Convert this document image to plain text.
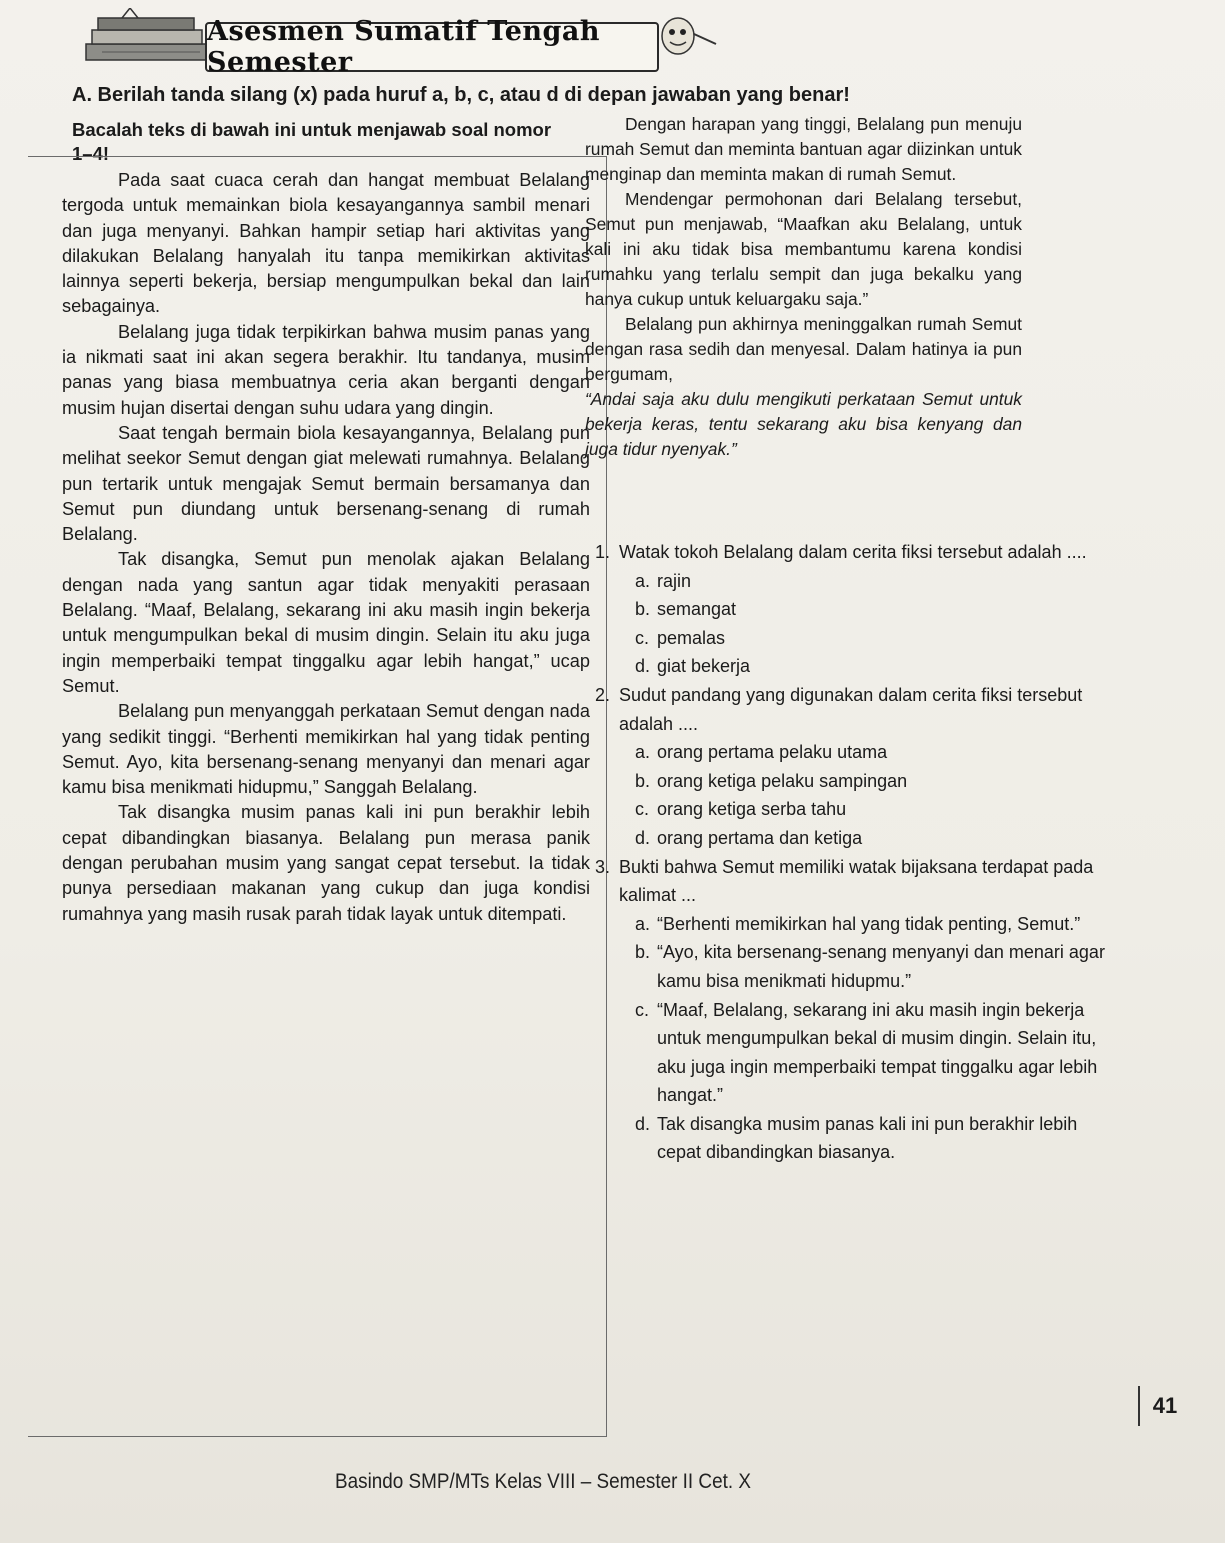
Asesmen Sumatif Tengah Semester
A. Berilah tanda silang (x) pada huruf a, b, c, atau d di depan jawaban yang benar!
Bacalah teks di bawah ini untuk menjawab soal nomor 1–4!

Pada saat cuaca cerah dan hangat membuat Belalang tergoda untuk memainkan biola kesayangannya sambil menari dan juga menyanyi. Bahkan hampir setiap hari aktivitas yang dilakukan Belalang hanyalah itu tanpa memikirkan aktivitas lainnya seperti bekerja, bersiap mengumpulkan bekal dan lain sebagainya.

Belalang juga tidak terpikirkan bahwa musim panas yang ia nikmati saat ini akan segera berakhir. Itu tandanya, musim panas yang biasa membuatnya ceria akan berganti dengan musim hujan disertai dengan suhu udara yang dingin.

Saat tengah bermain biola kesayangannya, Belalang pun melihat seekor Semut dengan giat melewati rumahnya. Belalang pun tertarik untuk mengajak Semut bermain bersamanya dan Semut pun diundang untuk bersenang-senang di rumah Belalang.

Tak disangka, Semut pun menolak ajakan Belalang dengan nada yang santun agar tidak menyakiti perasaan Belalang. “Maaf, Belalang, sekarang ini aku masih ingin bekerja untuk mengumpulkan bekal di musim dingin. Selain itu aku juga ingin memperbaiki tempat tinggalku agar lebih hangat,” ucap Semut.

Belalang pun menyanggah perkataan Semut dengan nada yang sedikit tinggi. “Berhenti memikirkan hal yang tidak penting Semut. Ayo, kita bersenang-senang menyanyi dan menari agar kamu bisa menikmati hidupmu,” Sanggah Belalang.

Tak disangka musim panas kali ini pun berakhir lebih cepat dibandingkan biasanya. Belalang pun merasa panik dengan perubahan musim yang sangat cepat tersebut. Ia tidak punya persediaan makanan yang cukup dan juga kondisi rumahnya yang masih rusak parah tidak layak untuk ditempati.

Dengan harapan yang tinggi, Belalang pun menuju rumah Semut dan meminta bantuan agar diizinkan untuk menginap dan meminta makan di rumah Semut.

Mendengar permohonan dari Belalang tersebut, Semut pun menjawab, “Maafkan aku Belalang, untuk kali ini aku tidak bisa membantumu karena kondisi rumahku yang terlalu sempit dan juga bekalku yang hanya cukup untuk keluargaku saja.”

Belalang pun akhirnya meninggalkan rumah Semut dengan rasa sedih dan menyesal. Dalam hatinya ia pun bergumam,

“Andai saja aku dulu mengikuti perkataan Semut untuk bekerja keras, tentu sekarang aku bisa kenyang dan juga tidur nyenyak.”

1. Watak tokoh Belalang dalam cerita fiksi tersebut adalah ....
a. rajin
b. semangat
c. pemalas
d. giat bekerja
2. Sudut pandang yang digunakan dalam cerita fiksi tersebut adalah ....
a. orang pertama pelaku utama
b. orang ketiga pelaku sampingan
c. orang ketiga serba tahu
d. orang pertama dan ketiga
3. Bukti bahwa Semut memiliki watak bijaksana terdapat pada kalimat ...
a. “Berhenti memikirkan hal yang tidak penting, Semut.”
b. “Ayo, kita bersenang-senang menyanyi dan menari agar kamu bisa menikmati hidupmu.”
c. “Maaf, Belalang, sekarang ini aku masih ingin bekerja untuk mengumpulkan bekal di musim dingin. Selain itu, aku juga ingin memperbaiki tempat tinggalku agar lebih hangat.”
d. Tak disangka musim panas kali ini pun berakhir lebih cepat dibandingkan biasanya.
41
Basindo SMP/MTs Kelas VIII – Semester II Cet. X
